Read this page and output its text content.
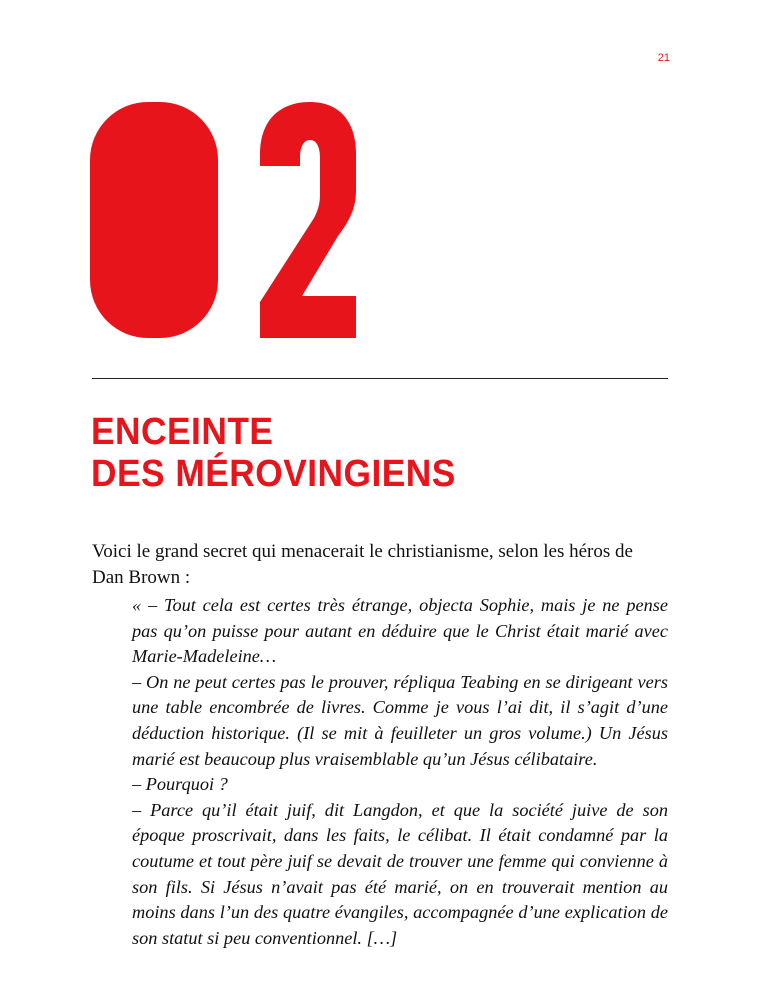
21
ENCEINTE
DES MÉROVINGIENS

Voici le grand secret qui menacerait le christianisme, selon les héros de Dan Brown :

« – Tout cela est certes très étrange, objecta Sophie, mais je ne pense pas qu’on puisse pour autant en déduire que le Christ était marié avec Marie-Madeleine…

– On ne peut certes pas le prouver, répliqua Teabing en se dirigeant vers une table encombrée de livres. Comme je vous l’ai dit, il s’agit d’une déduction historique. (Il se mit à feuilleter un gros volume.) Un Jésus marié est beaucoup plus vraisemblable qu’un Jésus célibataire.

– Pourquoi ?

– Parce qu’il était juif, dit Langdon, et que la société juive de son époque proscrivait, dans les faits, le célibat. Il était condamné par la coutume et tout père juif se devait de trouver une femme qui convienne à son fils. Si Jésus n’avait pas été marié, on en trouverait mention au moins dans l’un des quatre évangiles, accompagnée d’une explication de son statut si peu conventionnel. […]
